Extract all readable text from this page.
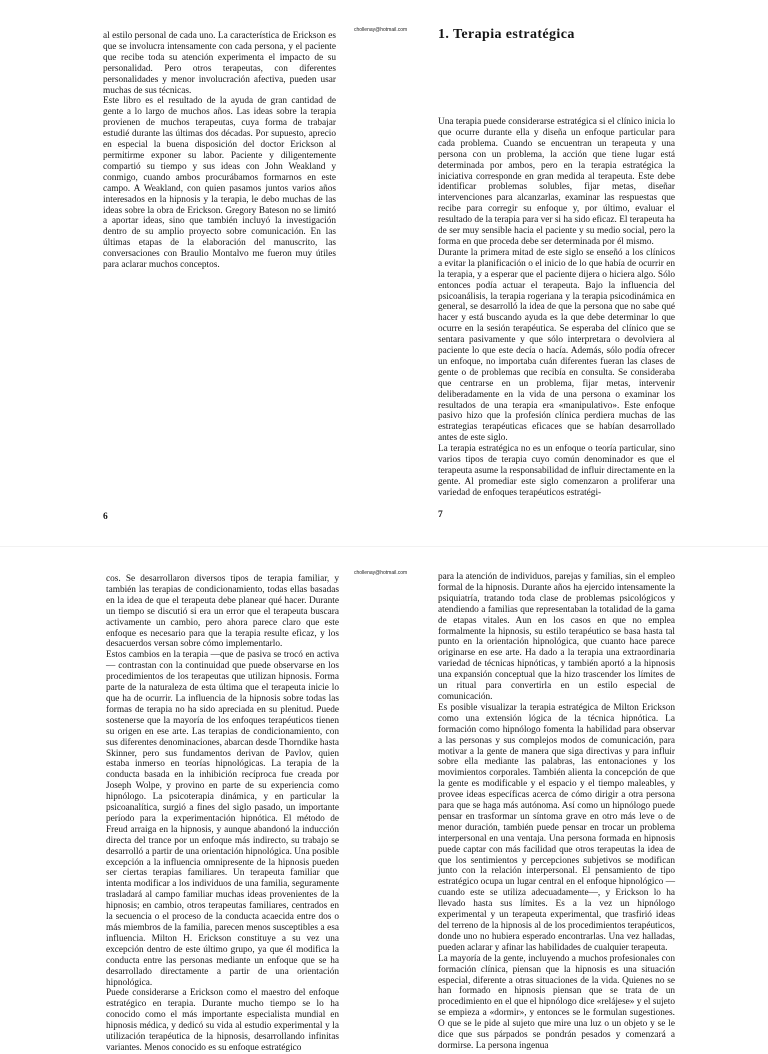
chollenay@hotmail.com

al estilo personal de cada uno. La característica de Erickson es que se involucra intensamente con cada persona, y el paciente que recibe toda su atención experimenta el impacto de su personalidad. Pero otros terapeutas, con diferentes personalidades y menor involucración afectiva, pueden usar muchas de sus técnicas.

Este libro es el resultado de la ayuda de gran cantidad de gente a lo largo de muchos años. Las ideas sobre la terapia provienen de muchos terapeutas, cuya forma de trabajar estudié durante las últimas dos décadas. Por supuesto, aprecio en especial la buena disposición del doctor Erickson al permitirme exponer su labor. Paciente y diligentemente compartió su tiempo y sus ideas con John Weakland y conmigo, cuando ambos procurábamos formarnos en este campo. A Weakland, con quien pasamos juntos varios años interesados en la hipnosis y la terapia, le debo muchas de las ideas sobre la obra de Erickson. Gregory Bateson no se limitó a aportar ideas, sino que también incluyó la investigación dentro de su amplio proyecto sobre comunicación. En las últimas etapas de la elaboración del manuscrito, las conversaciones con Braulio Montalvo me fueron muy útiles para aclarar muchos conceptos.

6
1. Terapia estratégica

Una terapia puede considerarse estratégica si el clínico inicia lo que ocurre durante ella y diseña un enfoque particular para cada problema. Cuando se encuentran un terapeuta y una persona con un problema, la acción que tiene lugar está determinada por ambos, pero en la terapia estratégica la iniciativa corresponde en gran medida al terapeuta. Este debe identificar problemas solubles, fijar metas, diseñar intervenciones para alcanzarlas, examinar las respuestas que recibe para corregir su enfoque y, por último, evaluar el resultado de la terapia para ver si ha sido eficaz. El terapeuta ha de ser muy sensible hacia el paciente y su medio social, pero la forma en que proceda debe ser determinada por él mismo.

Durante la primera mitad de este siglo se enseñó a los clínicos a evitar la planificación o el inicio de lo que había de ocurrir en la terapia, y a esperar que el paciente dijera o hiciera algo. Sólo entonces podía actuar el terapeuta. Bajo la influencia del psicoanálisis, la terapia rogeriana y la terapia psicodinámica en general, se desarrolló la idea de que la persona que no sabe qué hacer y está buscando ayuda es la que debe determinar lo que ocurre en la sesión terapéutica. Se esperaba del clínico que se sentara pasivamente y que sólo interpretara o devolviera al paciente lo que este decía o hacía. Además, sólo podía ofrecer un enfoque, no importaba cuán diferentes fueran las clases de gente o de problemas que recibía en consulta. Se consideraba que centrarse en un problema, fijar metas, intervenir deliberadamente en la vida de una persona o examinar los resultados de una terapia era «manipulativo». Este enfoque pasivo hizo que la profesión clínica perdiera muchas de las estrategias terapéuticas eficaces que se habían desarrollado antes de este siglo.

La terapia estratégica no es un enfoque o teoría particular, sino varios tipos de terapia cuyo común denominador es que el terapeuta asume la responsabilidad de influir directamente en la gente. Al promediar este siglo comenzaron a proliferar una variedad de enfoques terapéuticos estratégi-

7
chollenay@hotmail.com

cos. Se desarrollaron diversos tipos de terapia familiar, y también las terapias de condicionamiento, todas ellas basadas en la idea de que el terapeuta debe planear qué hacer. Durante un tiempo se discutió si era un error que el terapeuta buscara activamente un cambio, pero ahora parece claro que este enfoque es necesario para que la terapia resulte eficaz, y los desacuerdos versan sobre cómo implementarlo.

Estos cambios en la terapia —que de pasiva se trocó en activa— contrastan con la continuidad que puede observarse en los procedimientos de los terapeutas que utilizan hipnosis. Forma parte de la naturaleza de esta última que el terapeuta inicie lo que ha de ocurrir. La influencia de la hipnosis sobre todas las formas de terapia no ha sido apreciada en su plenitud. Puede sostenerse que la mayoría de los enfoques terapéuticos tienen su origen en ese arte. Las terapias de condicionamiento, con sus diferentes denominaciones, abarcan desde Thorndike hasta Skinner, pero sus fundamentos derivan de Pavlov, quien estaba inmerso en teorías hipnológicas. La terapia de la conducta basada en la inhibición recíproca fue creada por Joseph Wolpe, y provino en parte de su experiencia como hipnólogo. La psicoterapia dinámica, y en particular la psicoanalítica, surgió a fines del siglo pasado, un importante período para la experimentación hipnótica. El método de Freud arraiga en la hipnosis, y aunque abandonó la inducción directa del trance por un enfoque más indirecto, su trabajo se desarrolló a partir de una orientación hipnológica. Una posible excepción a la influencia omnipresente de la hipnosis pueden ser ciertas terapias familiares. Un terapeuta familiar que intenta modificar a los individuos de una familia, seguramente trasladará al campo familiar muchas ideas provenientes de la hipnosis; en cambio, otros terapeutas familiares, centrados en la secuencia o el proceso de la conducta acaecida entre dos o más miembros de la familia, parecen menos susceptibles a esa influencia. Milton H. Erickson constituye a su vez una excepción dentro de este último grupo, ya que él modifica la conducta entre las personas mediante un enfoque que se ha desarrollado directamente a partir de una orientación hipnológica.

Puede considerarse a Erickson como el maestro del enfoque estratégico en terapia. Durante mucho tiempo se lo ha conocido como el más importante especialista mundial en hipnosis médica, y dedicó su vida al estudio experimental y la utilización terapéutica de la hipnosis, desarrollando infinitas variantes. Menos conocido es su enfoque estratégico

para la atención de individuos, parejas y familias, sin el empleo formal de la hipnosis. Durante años ha ejercido intensamente la psiquiatría, tratando toda clase de problemas psicológicos y atendiendo a familias que representaban la totalidad de la gama de etapas vitales. Aun en los casos en que no emplea formalmente la hipnosis, su estilo terapéutico se basa hasta tal punto en la orientación hipnológica, que cuanto hace parece originarse en ese arte. Ha dado a la terapia una extraordinaria variedad de técnicas hipnóticas, y también aportó a la hipnosis una expansión conceptual que la hizo trascender los límites de un ritual para convertirla en un estilo especial de comunicación.

Es posible visualizar la terapia estratégica de Milton Erickson como una extensión lógica de la técnica hipnótica. La formación como hipnólogo fomenta la habilidad para observar a las personas y sus complejos modos de comunicación, para motivar a la gente de manera que siga directivas y para influir sobre ella mediante las palabras, las entonaciones y los movimientos corporales. También alienta la concepción de que la gente es modificable y el espacio y el tiempo maleables, y provee ideas específicas acerca de cómo dirigir a otra persona para que se haga más autónoma. Así como un hipnólogo puede pensar en trasformar un síntoma grave en otro más leve o de menor duración, también puede pensar en trocar un problema interpersonal en una ventaja. Una persona formada en hipnosis puede captar con más facilidad que otros terapeutas la idea de que los sentimientos y percepciones subjetivos se modifican junto con la relación interpersonal. El pensamiento de tipo estratégico ocupa un lugar central en el enfoque hipnológico —cuando este se utiliza adecuadamente—, y Erickson lo ha llevado hasta sus límites. Es a la vez un hipnólogo experimental y un terapeuta experimental, que trasfirió ideas del terreno de la hipnosis al de los procedimientos terapéuticos, donde uno no hubiera esperado encontrarlas. Una vez halladas, pueden aclarar y afinar las habilidades de cualquier terapeuta.

La mayoría de la gente, incluyendo a muchos profesionales con formación clínica, piensan que la hipnosis es una situación especial, diferente a otras situaciones de la vida. Quienes no se han formado en hipnosis piensan que se trata de un procedimiento en el que el hipnólogo dice «relájese» y el sujeto se empieza a «dormir», y entonces se le formulan sugestiones. O que se le pide al sujeto que mire una luz o un objeto y se le dice que sus párpados se pondrán pesados y comenzará a dormirse. La persona ingenua
